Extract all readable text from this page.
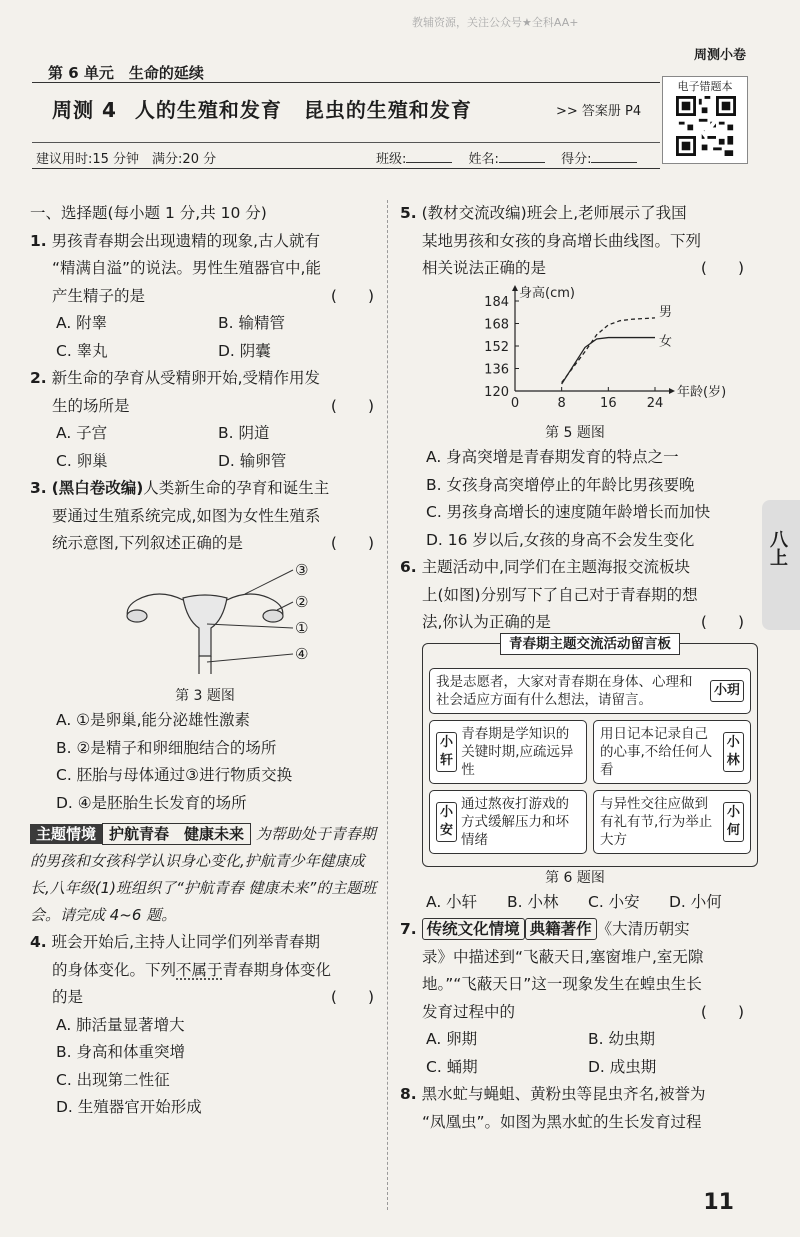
教辅资源，关注公众号★全科AA+
周测小卷
第 6 单元　生命的延续
周测 4 人的生殖和发育 昆虫的生殖和发育	>> 答案册 P4
电子错题本
建议用时:15 分钟　满分:20 分	班级:	姓名:	得分:
一、选择题(每小题 1 分,共 10 分)
1. 男孩青春期会出现遗精的现象,古人就有
“精满自溢”的说法。男性生殖器官中,能
产生精子的是	(　　)
A. 附睾	B. 输精管
C. 睾丸	D. 阴囊
2. 新生命的孕育从受精卵开始,受精作用发
生的场所是	(　　)
A. 子宫	B. 阴道
C. 卵巢	D. 输卵管
3. (黑白卷改编)人类新生命的孕育和诞生主
要通过生殖系统完成,如图为女性生殖系
统示意图,下列叙述正确的是	(　　)
③
②
①
④
第 3 题图
A. ①是卵巢,能分泌雄性激素
B. ②是精子和卵细胞结合的场所
C. 胚胎与母体通过③进行物质交换
D. ④是胚胎生长发育的场所
主题情境 护航青春　健康未来 为帮助处于青春期的男孩和女孩科学认识身心变化,护航青少年健康成长,八年级(1)班组织了“护航青春 健康未来”的主题班会。请完成 4~6 题。
4. 班会开始后,主持人让同学们列举青春期
的身体变化。下列不属于青春期身体变化
的是	(　　)
A. 肺活量显著增大
B. 身高和体重突增
C. 出现第二性征
D. 生殖器官开始形成
5. (教材交流改编)班会上,老师展示了我国
某地男孩和女孩的身高增长曲线图。下列
相关说法正确的是	(　　)
120
136
152
168
184
0	8	16 24
身高(cm)
年龄(岁)
男
女
第 5 题图
A. 身高突增是青春期发育的特点之一
B. 女孩身高突增停止的年龄比男孩要晚
C. 男孩身高增长的速度随年龄增长而加快
D. 16 岁以后,女孩的身高不会发生变化
6. 主题活动中,同学们在主题海报交流板块
上(如图)分别写下了自己对于青春期的想
法,你认为正确的是	(　　)
青春期主题交流活动留言板
我是志愿者，大家对青春期在身体、心理和社会适应方面有什么想法，请留言。
小玥
小轩
青春期是学知识的关键时期,应疏远异性
用日记本记录自己的心事,不给任何人看
小林
小安
通过熬夜打游戏的方式缓解压力和坏情绪
与异性交往应做到有礼有节,行为举止大方
小何
第 6 题图
A. 小轩	B. 小林	C. 小安	D. 小何
7. 传统文化情境 典籍著作 《大清历朝实
录》中描述到“飞蔽天日,塞窗堆户,室无隙
地。”“飞蔽天日”这一现象发生在蝗虫生长
发育过程中的	(　　)
A. 卵期	B. 幼虫期
C. 蛹期	D. 成虫期
8. 黑水虻与蝇蛆、黄粉虫等昆虫齐名,被誉为
“凤凰虫”。如图为黑水虻的生长发育过程
八上
11
